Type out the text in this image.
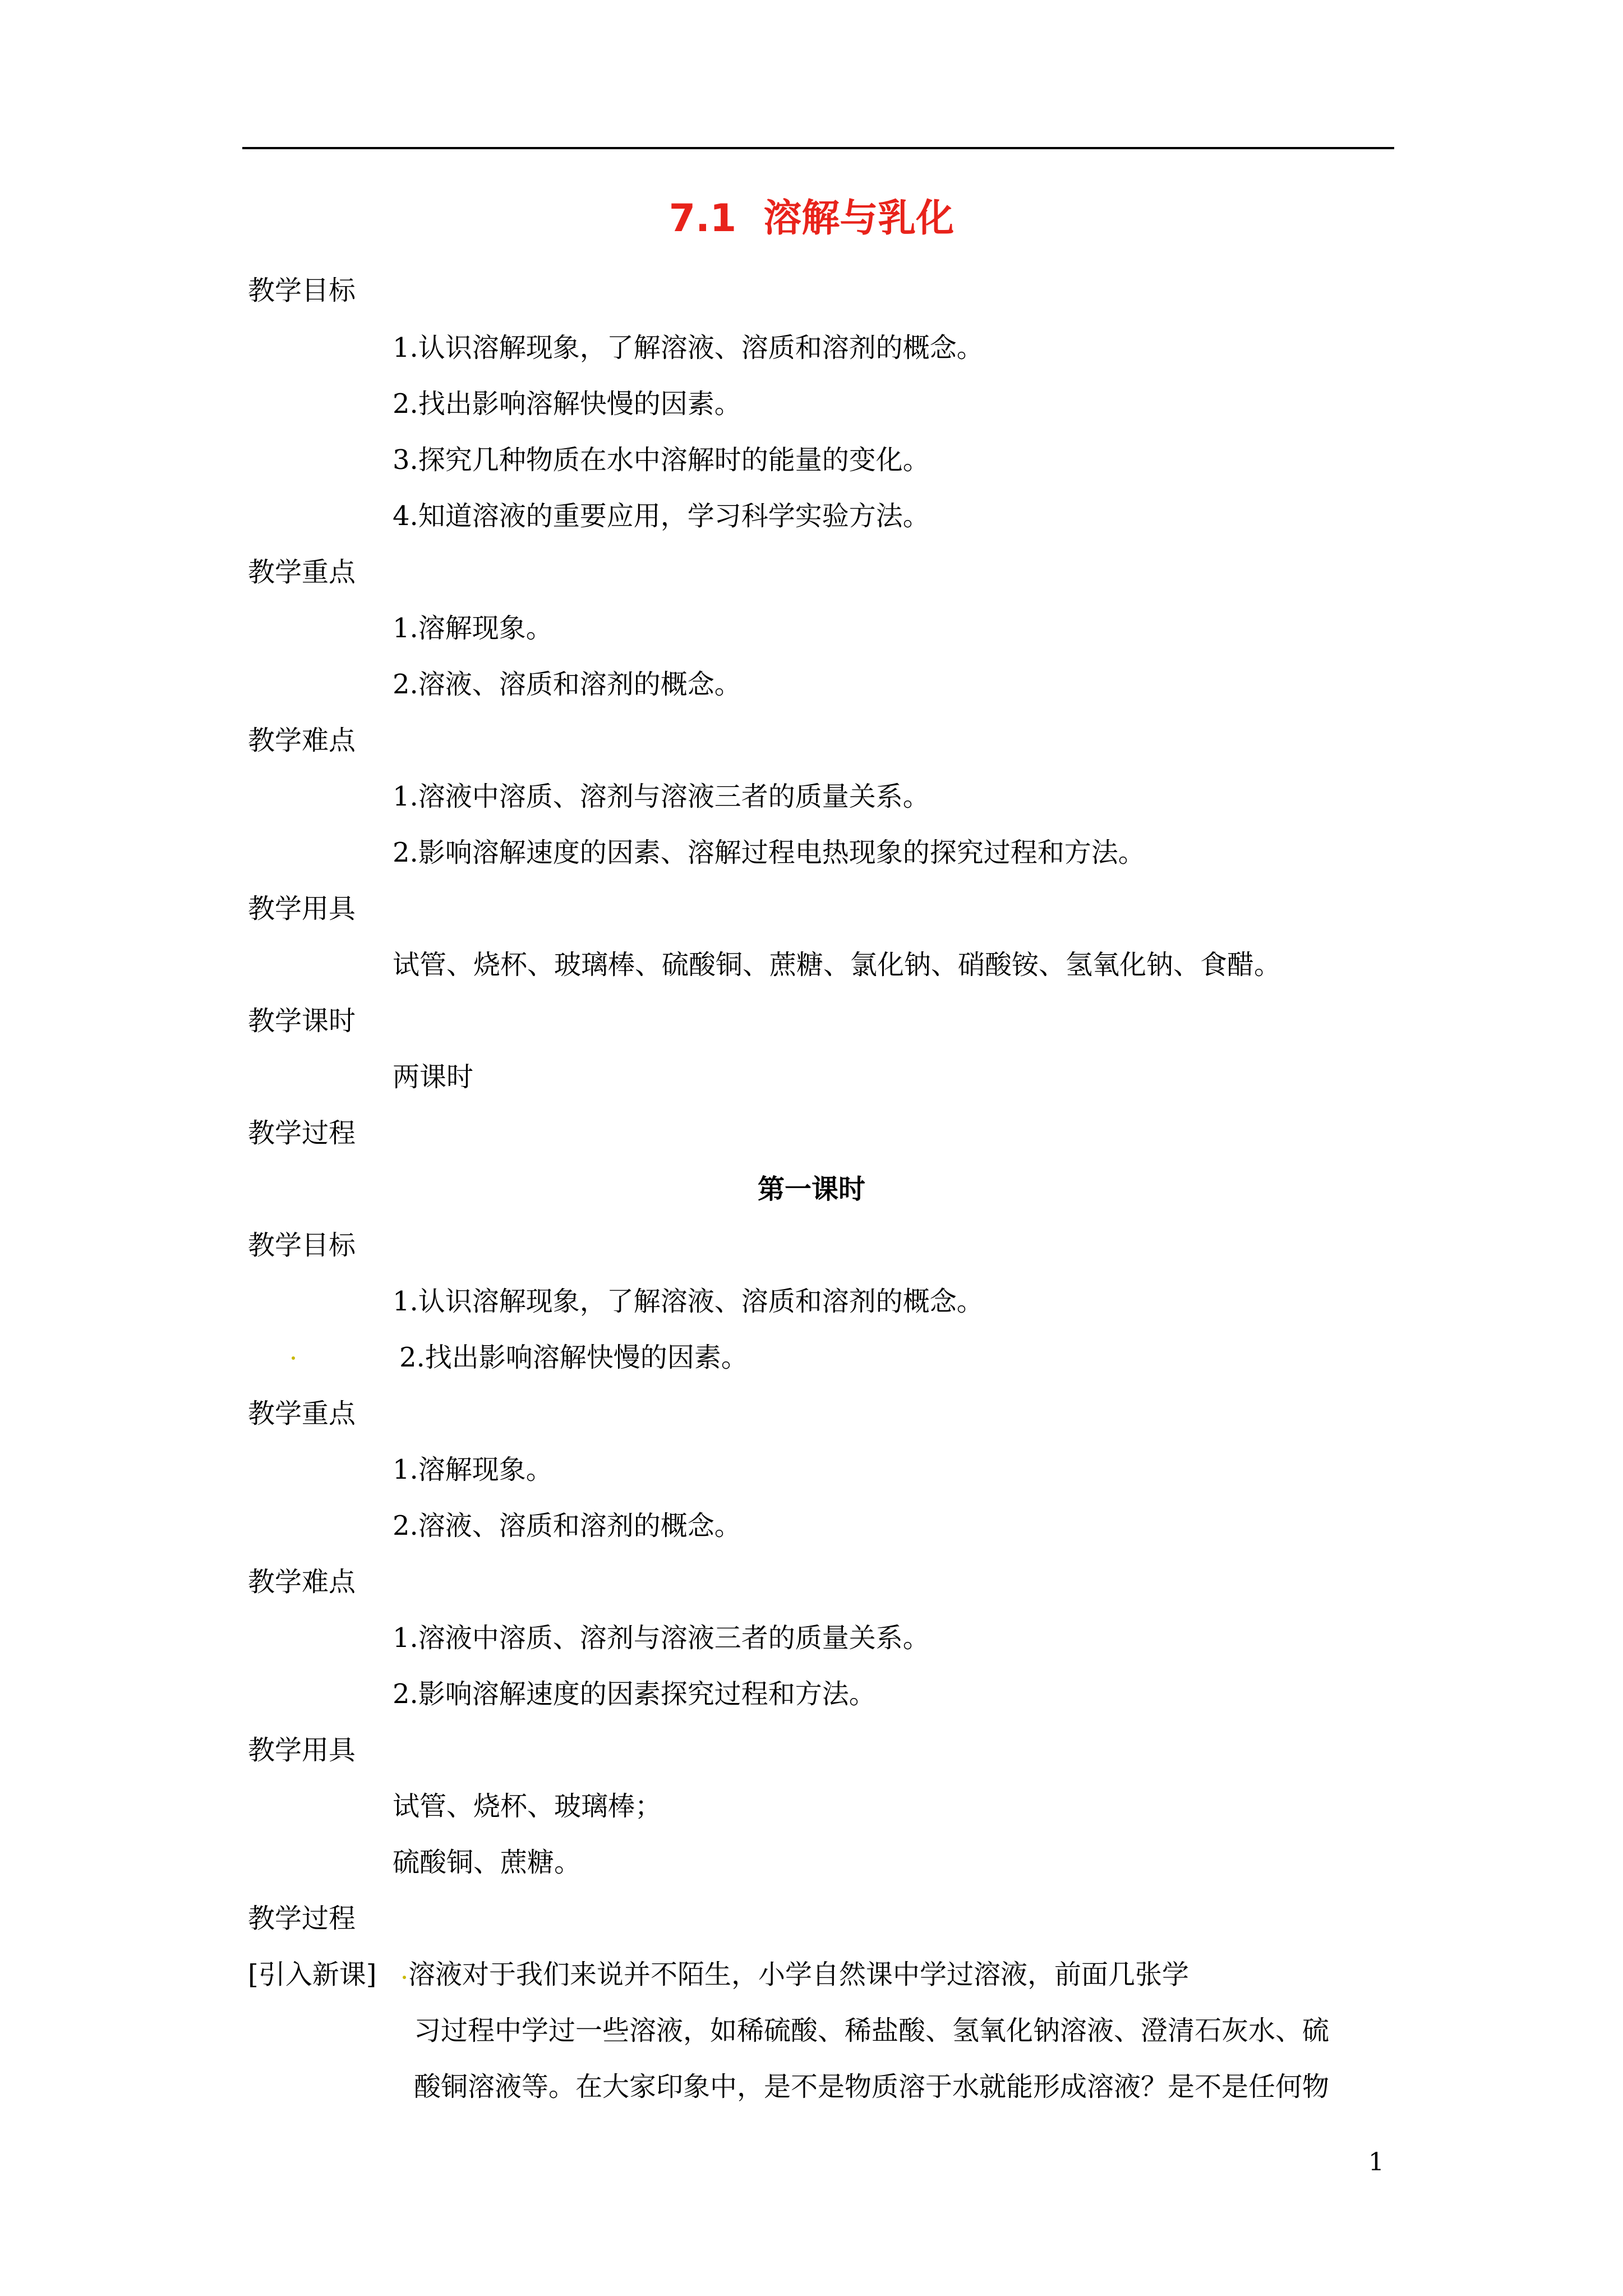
7.1 溶解与乳化
教学目标
1.认识溶解现象，了解溶液、溶质和溶剂的概念。
2.找出影响溶解快慢的因素。
3.探究几种物质在水中溶解时的能量的变化。
4.知道溶液的重要应用，学习科学实验方法。
教学重点
1.溶解现象。
2.溶液、溶质和溶剂的概念。
教学难点
1.溶液中溶质、溶剂与溶液三者的质量关系。
2.影响溶解速度的因素、溶解过程电热现象的探究过程和方法。
教学用具
试管、烧杯、玻璃棒、硫酸铜、蔗糖、氯化钠、硝酸铵、氢氧化钠、食醋。
教学课时
两课时
教学过程
第一课时
教学目标
1.认识溶解现象，了解溶液、溶质和溶剂的概念。
2.找出影响溶解快慢的因素。
教学重点
1.溶解现象。
2.溶液、溶质和溶剂的概念。
教学难点
1.溶液中溶质、溶剂与溶液三者的质量关系。
2.影响溶解速度的因素探究过程和方法。
教学用具
试管、烧杯、玻璃棒；
硫酸铜、蔗糖。
教学过程
[引入新课] 溶液对于我们来说并不陌生，小学自然课中学过溶液，前面几张学
习过程中学过一些溶液，如稀硫酸、稀盐酸、氢氧化钠溶液、澄清石灰水、硫
酸铜溶液等。在大家印象中，是不是物质溶于水就能形成溶液？是不是任何物
1
